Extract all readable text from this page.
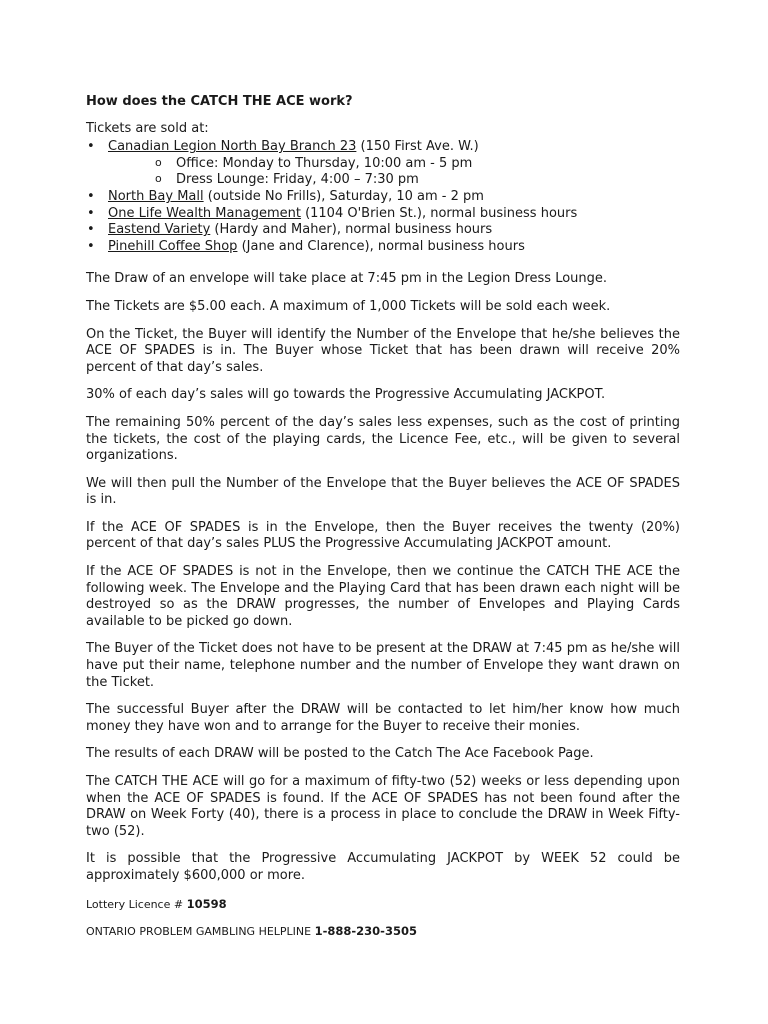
How does the CATCH THE ACE work?

Tickets are sold at:

• Canadian Legion North Bay Branch 23 (150 First Ave. W.)
o Office: Monday to Thursday, 10:00 am - 5 pm
o Dress Lounge: Friday, 4:00 – 7:30 pm
• North Bay Mall (outside No Frills), Saturday, 10 am - 2 pm
• One Life Wealth Management (1104 O'Brien St.), normal business hours
• Eastend Variety (Hardy and Maher), normal business hours
• Pinehill Coffee Shop (Jane and Clarence), normal business hours

The Draw of an envelope will take place at 7:45 pm in the Legion Dress Lounge.

The Tickets are $5.00 each. A maximum of 1,000 Tickets will be sold each week.

On the Ticket, the Buyer will identify the Number of the Envelope that he/she believes the ACE OF SPADES is in. The Buyer whose Ticket that has been drawn will receive 20% percent of that day’s sales.

30% of each day’s sales will go towards the Progressive Accumulating JACKPOT.

The remaining 50% percent of the day’s sales less expenses, such as the cost of printing the tickets, the cost of the playing cards, the Licence Fee, etc., will be given to several organizations.

We will then pull the Number of the Envelope that the Buyer believes the ACE OF SPADES is in.

If the ACE OF SPADES is in the Envelope, then the Buyer receives the twenty (20%) percent of that day’s sales PLUS the Progressive Accumulating JACKPOT amount.

If the ACE OF SPADES is not in the Envelope, then we continue the CATCH THE ACE the following week. The Envelope and the Playing Card that has been drawn each night will be destroyed so as the DRAW progresses, the number of Envelopes and Playing Cards available to be picked go down.

The Buyer of the Ticket does not have to be present at the DRAW at 7:45 pm as he/she will have put their name, telephone number and the number of Envelope they want drawn on the Ticket.

The successful Buyer after the DRAW will be contacted to let him/her know how much money they have won and to arrange for the Buyer to receive their monies.

The results of each DRAW will be posted to the Catch The Ace Facebook Page.

The CATCH THE ACE will go for a maximum of fifty-two (52) weeks or less depending upon when the ACE OF SPADES is found. If the ACE OF SPADES has not been found after the DRAW on Week Forty (40), there is a process in place to conclude the DRAW in Week Fifty-two (52).

It is possible that the Progressive Accumulating JACKPOT by WEEK 52 could be approximately $600,000 or more.

Lottery Licence # 10598

ONTARIO PROBLEM GAMBLING HELPLINE 1-888-230-3505
